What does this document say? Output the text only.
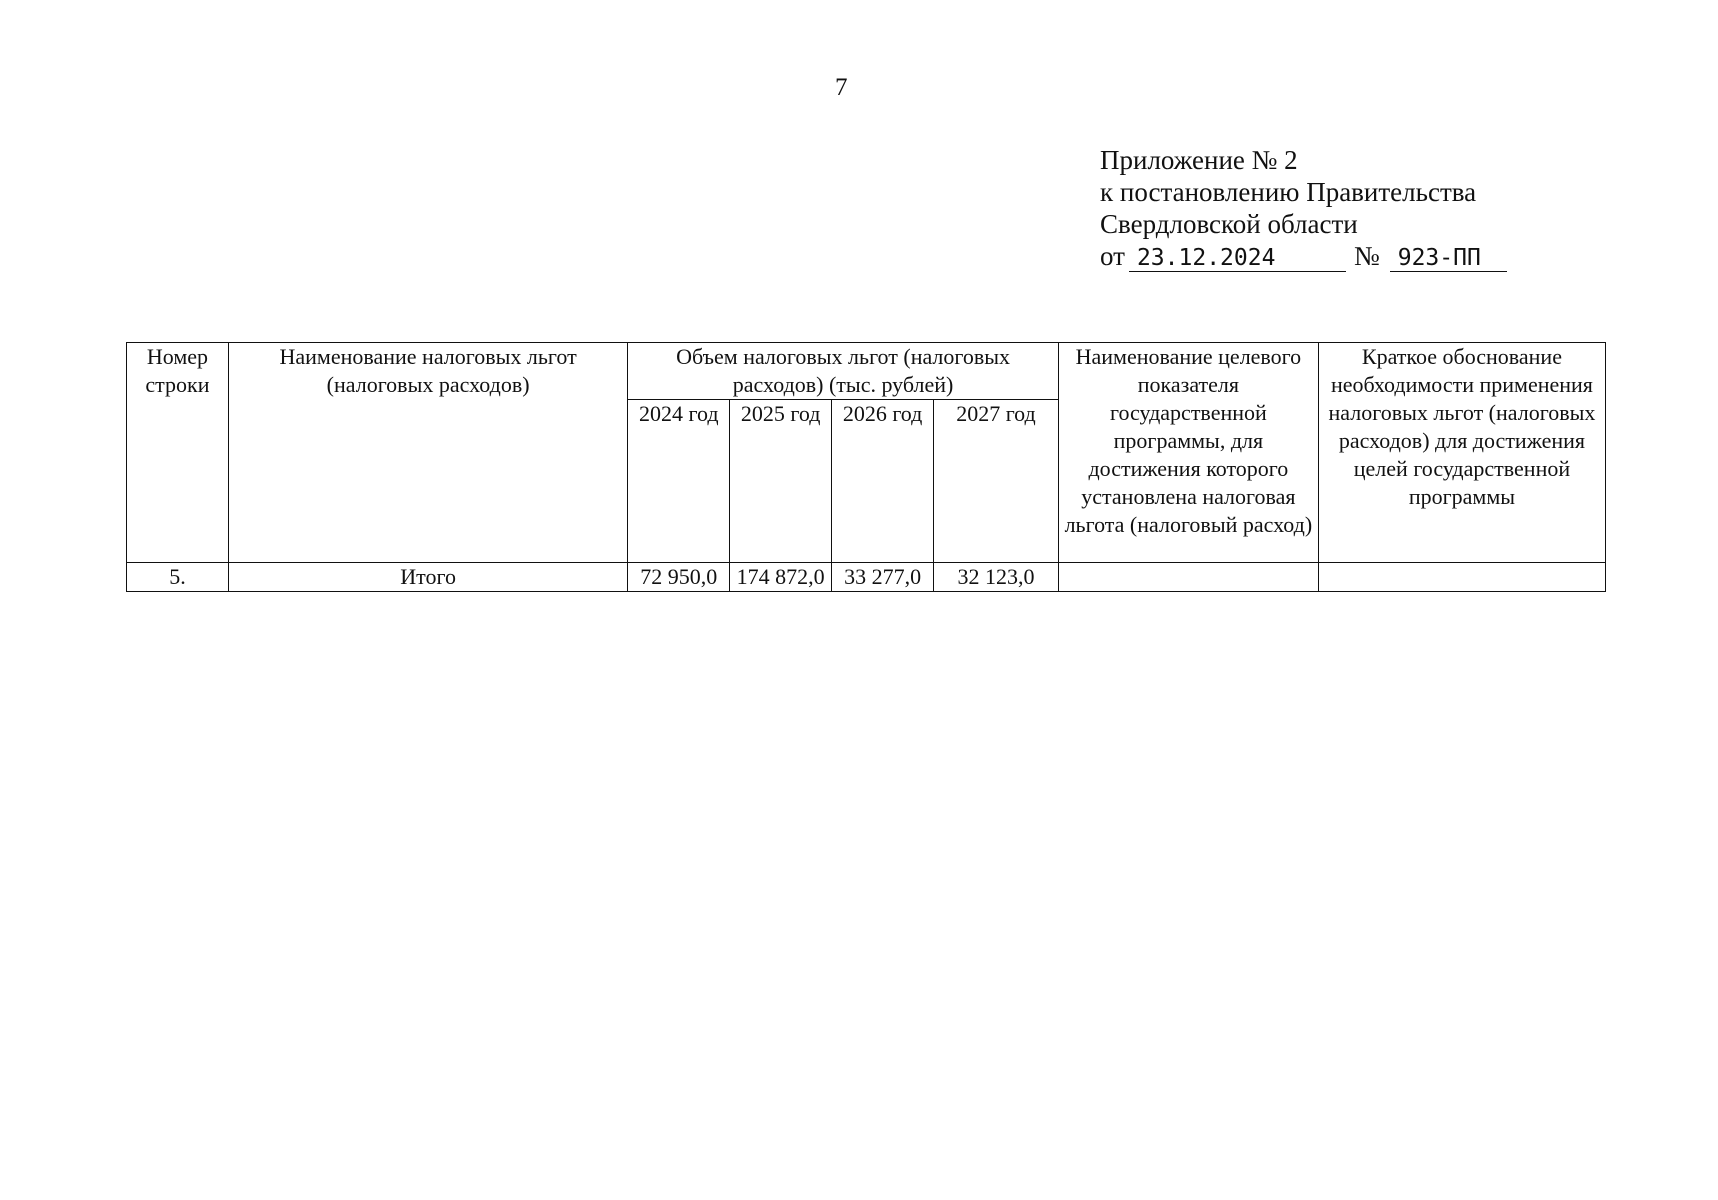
7
Приложение № 2
к постановлению Правительства
Свердловской области
от 23.12.2024	№ 923-ПП
Номер строки	Наименование налоговых льгот (налоговых расходов)	Объем налоговых льгот (налоговых расходов) (тыс. рублей)				Наименование целевого показателя государственной программы, для достижения которого установлена налоговая льгота (налоговый расход)	Краткое обоснование необходимости применения налоговых льгот (налоговых расходов) для достижения целей государственной программы
		2024 год	2025 год	2026 год	2027 год		
5.	Итого	72 950,0	174 872,0	33 277,0	32 123,0		
